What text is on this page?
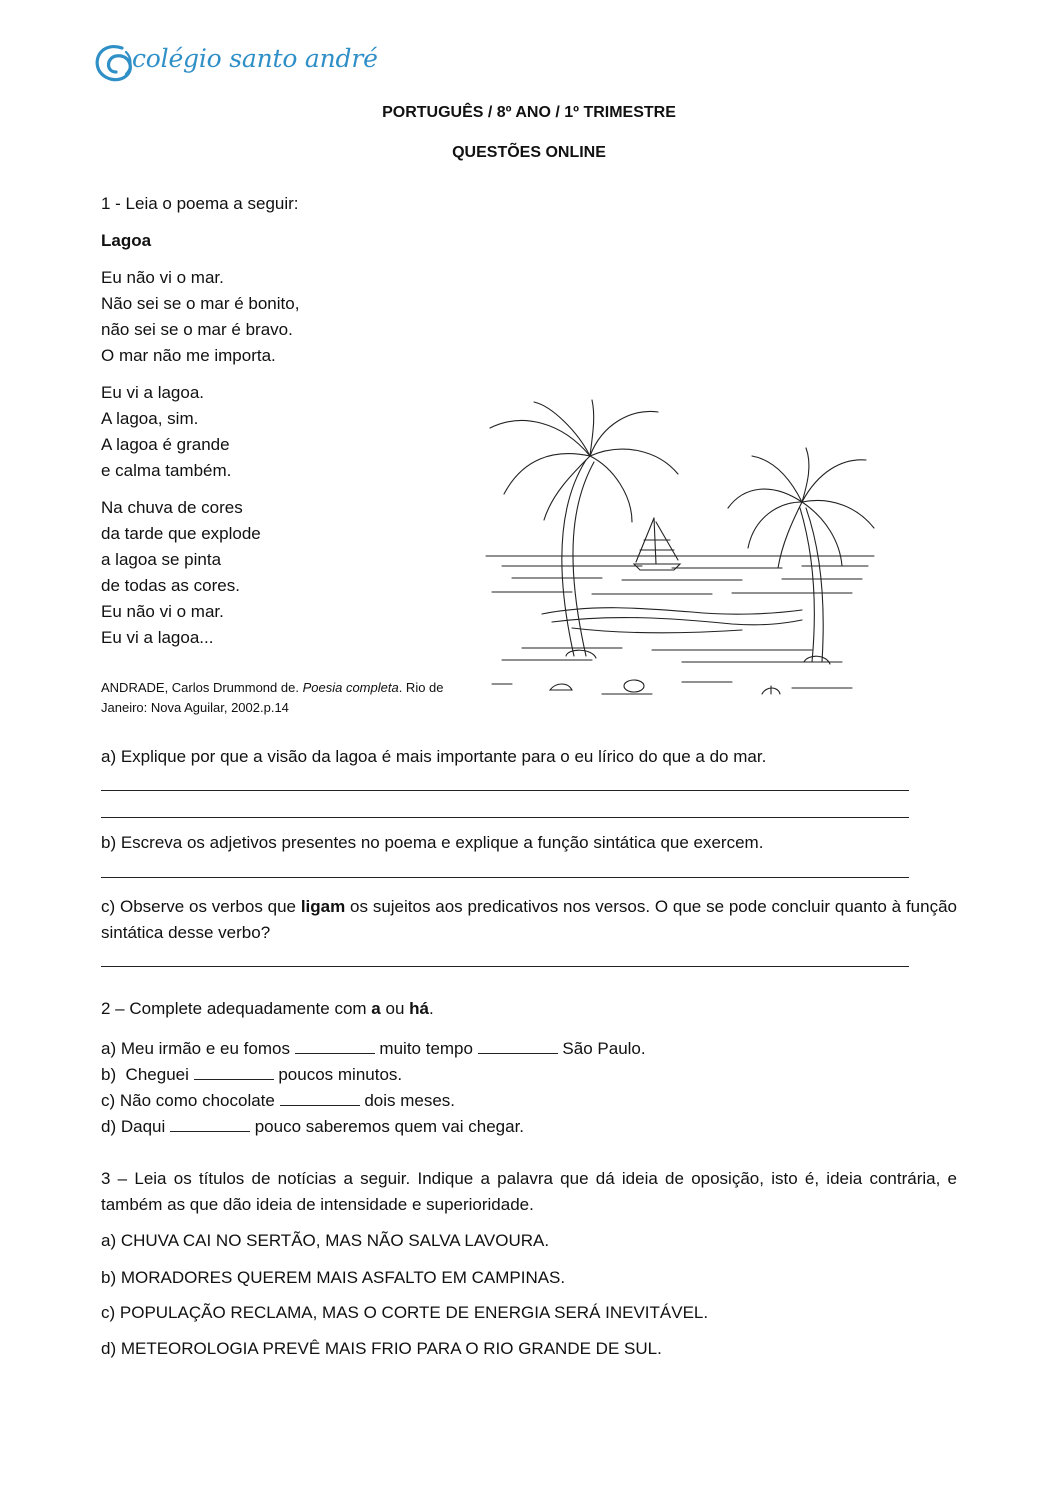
colégio santo andré
PORTUGUÊS / 8º ANO / 1º TRIMESTRE
QUESTÕES ONLINE
1 - Leia o poema a seguir:
Lagoa
Eu não vi o mar.
Não sei se o mar é bonito,
não sei se o mar é bravo.
O mar não me importa.
Eu vi a lagoa.
A lagoa, sim.
A lagoa é grande
e calma também.
Na chuva de cores
da tarde que explode
a lagoa se pinta
de todas as cores.
Eu não vi o mar.
Eu vi a lagoa...
ANDRADE, Carlos Drummond de. Poesia completa. Rio de Janeiro: Nova Aguilar, 2002.p.14
a) Explique por que a visão da lagoa é mais importante para o eu lírico do que a do mar.
b) Escreva os adjetivos presentes no poema e explique a função sintática que exercem.
c) Observe os verbos que ligam os sujeitos aos predicativos nos versos. O que se pode concluir quanto à função sintática desse verbo?
2 – Complete adequadamente com a ou há.
a) Meu irmão e eu fomos	muito tempo	São Paulo.
b)  Cheguei	poucos minutos.
c) Não como chocolate	dois meses.
d) Daqui	pouco saberemos quem vai chegar.
3 – Leia os títulos de notícias a seguir. Indique a palavra que dá ideia de oposição, isto é, ideia contrária, e também as que dão ideia de intensidade e superioridade.
a) CHUVA CAI NO SERTÃO, MAS NÃO SALVA LAVOURA.
b) MORADORES QUEREM MAIS ASFALTO EM CAMPINAS.
c) POPULAÇÃO RECLAMA, MAS O CORTE DE ENERGIA SERÁ INEVITÁVEL.
d) METEOROLOGIA PREVÊ MAIS FRIO PARA O RIO GRANDE DE SUL.
